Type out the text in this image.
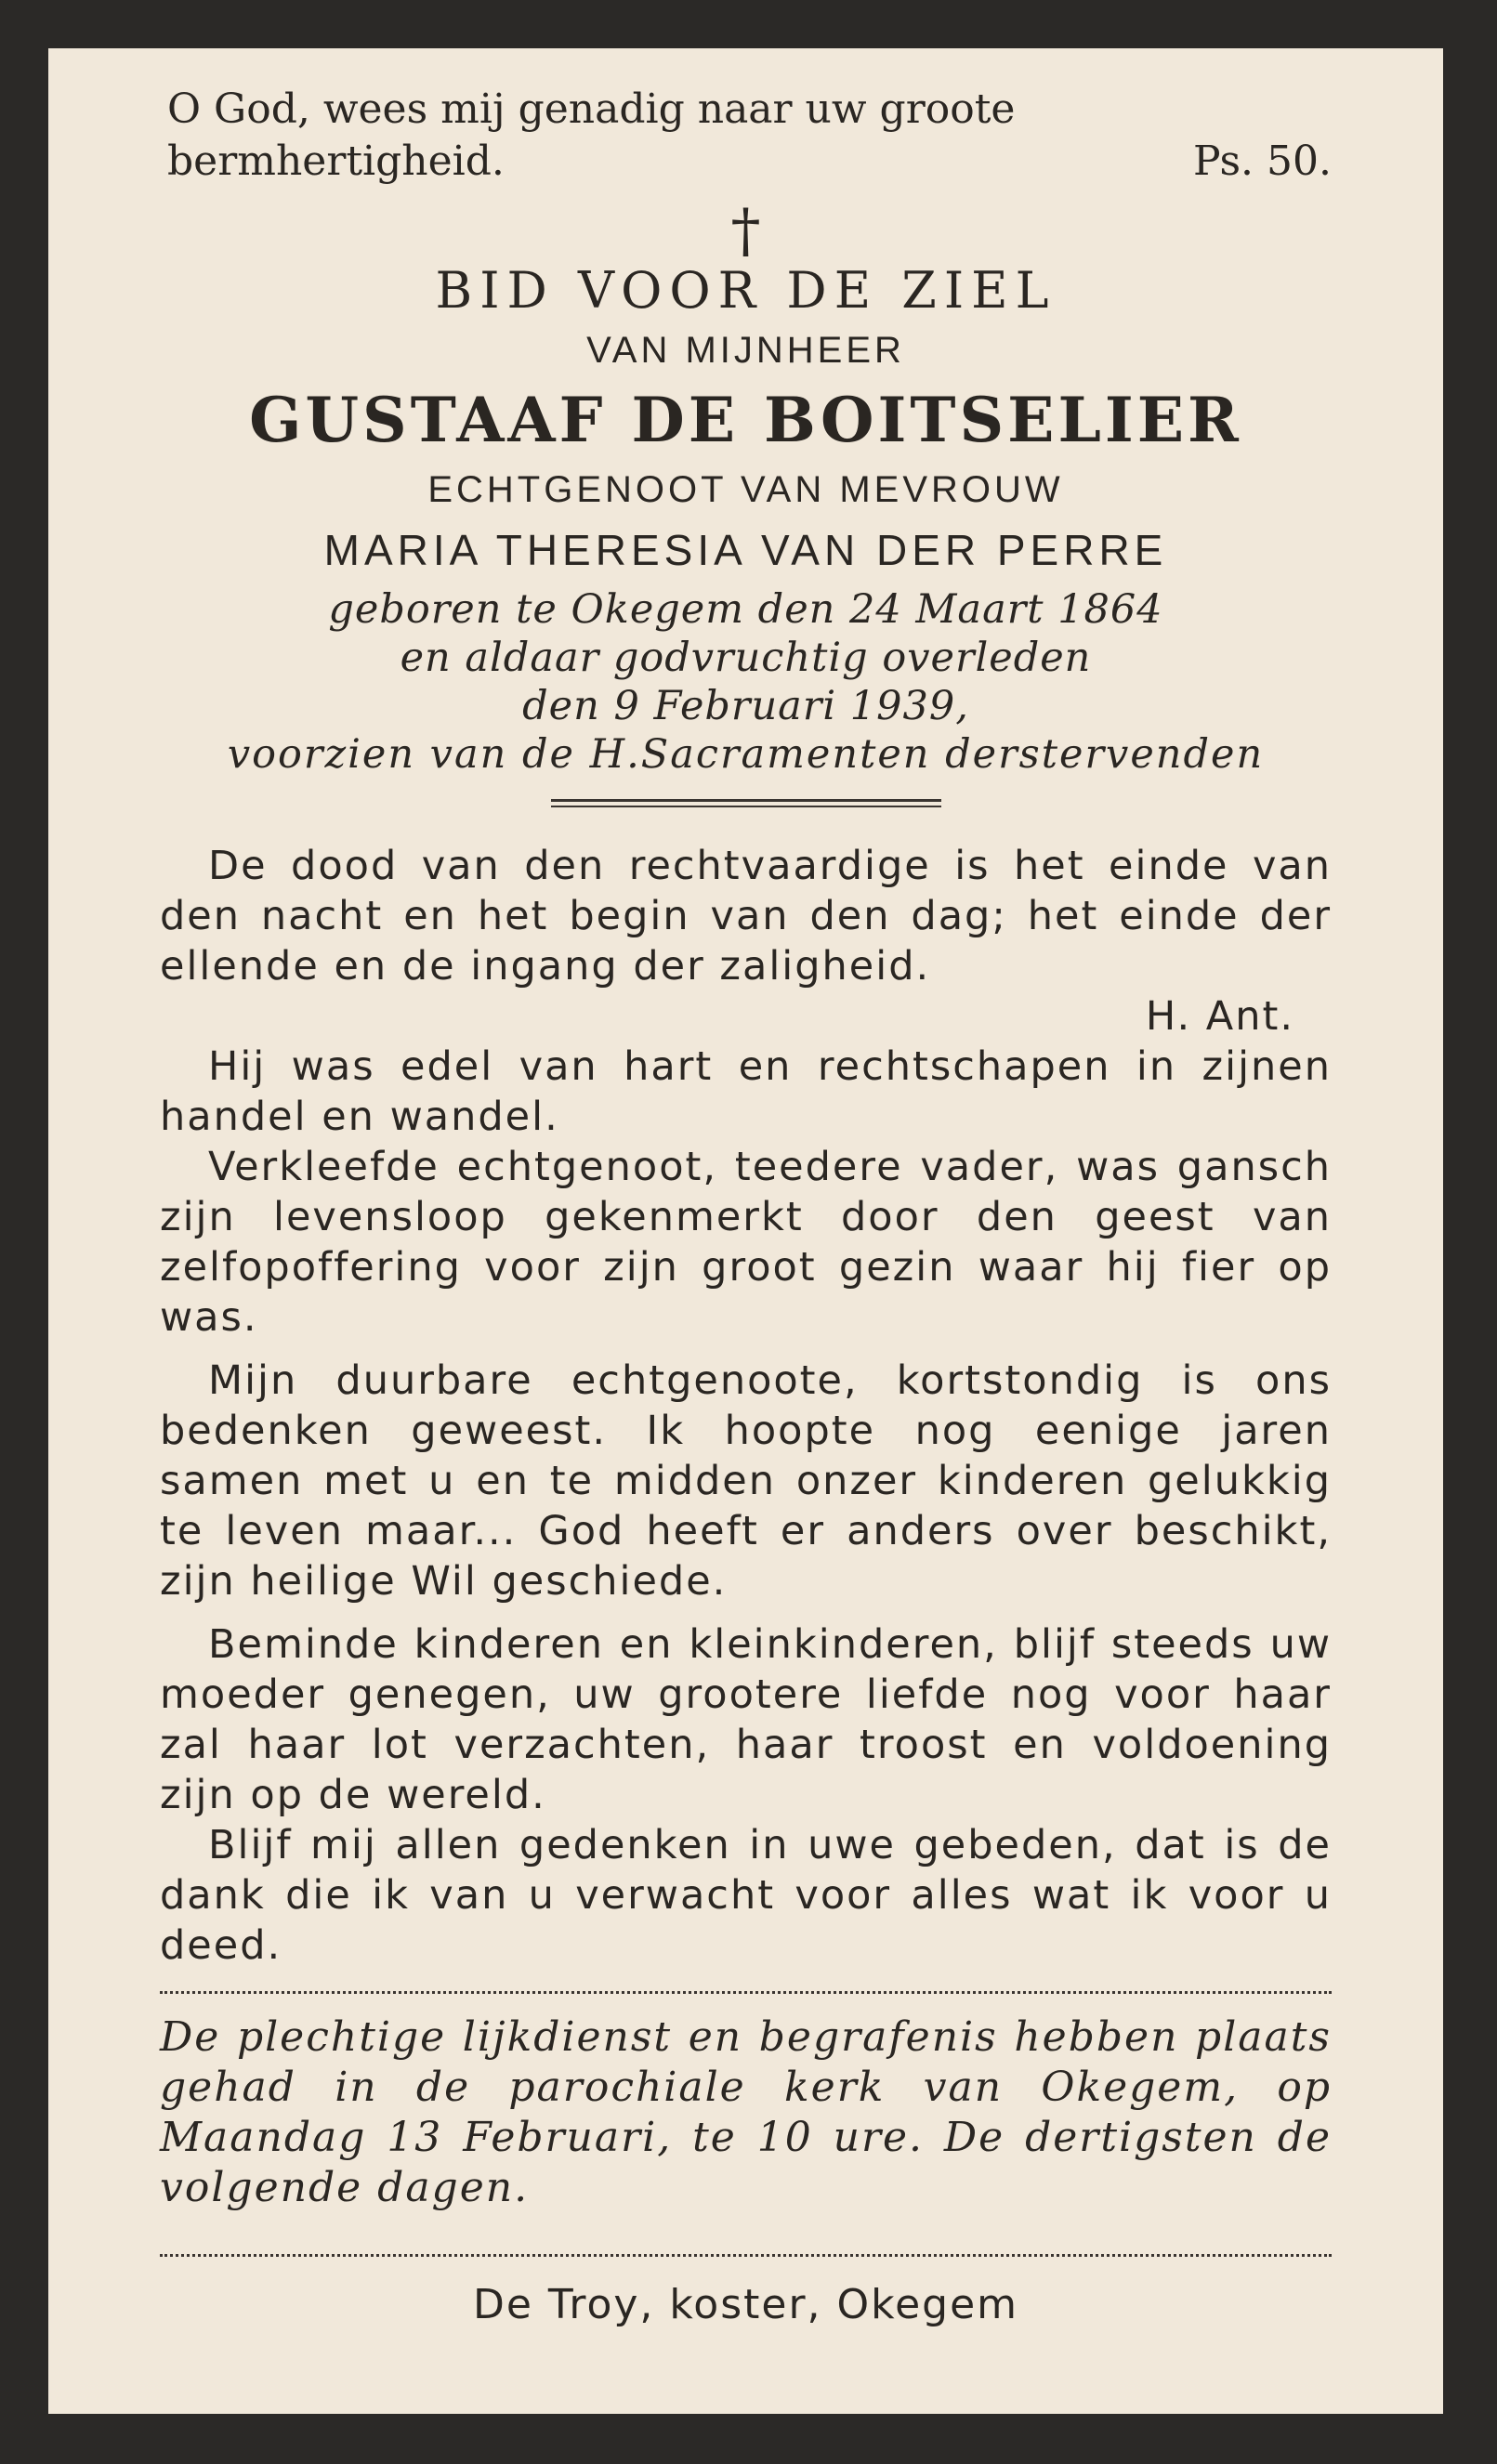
O God, wees mij genadig naar uw groote
bermhertigheid.	Ps. 50.
†
BID VOOR DE ZIEL
VAN MIJNHEER
GUSTAAF DE BOITSELIER
ECHTGENOOT VAN MEVROUW
MARIA THERESIA VAN DER PERRE
geboren te Okegem den 24 Maart 1864
en aldaar godvruchtig overleden
den 9 Februari 1939,
voorzien van de H.Sacramenten derstervenden

De dood van den rechtvaardige is het einde van den nacht en het begin van den dag; het einde der ellende en de ingang der zaligheid.

H. Ant.

Hij was edel van hart en rechtschapen in zijnen handel en wandel.

Verkleefde echtgenoot, teedere vader, was gansch zijn levensloop gekenmerkt door den geest van zelfopoffering voor zijn groot gezin waar hij fier op was.

Mijn duurbare echtgenoote, kortstondig is ons bedenken geweest. Ik hoopte nog eenige jaren samen met u en te midden onzer kinderen gelukkig te leven maar... God heeft er anders over beschikt, zijn heilige Wil geschiede.

Beminde kinderen en kleinkinderen, blijf steeds uw moeder genegen, uw grootere liefde nog voor haar zal haar lot verzachten, haar troost en voldoening zijn op de wereld.

Blijf mij allen gedenken in uwe gebeden, dat is de dank die ik van u verwacht voor alles wat ik voor u deed.

De plechtige lijkdienst en begrafenis hebben plaats gehad in de parochiale kerk van Okegem, op Maandag 13 Februari, te 10 ure. De dertigsten de volgende dagen.

De Troy, koster, Okegem
